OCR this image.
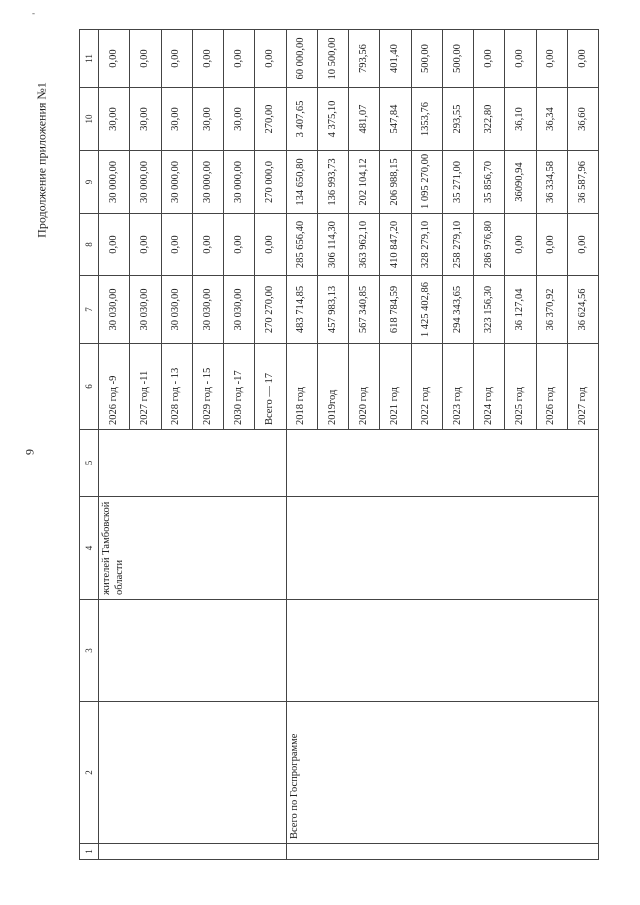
-
Продолжение приложения №1
9
1	2	3	4	5	6	7	8	9	10	11
			жителей Тамбовской области		2026 год -9	30 030,00	0,00	30 000,00	30,00	0,00
					2027 год -11	30 030,00	0,00	30 000,00	30,00	0,00
					2028 год - 13	30 030,00	0,00	30 000,00	30,00	0,00
					2029 год - 15	30 030,00	0,00	30 000,00	30,00	0,00
					2030 год -17	30 030,00	0,00	30 000,00	30,00	0,00
					Всего — 17	270 270,00	0,00	270 000,0	270,00	0,00
	Всего по Госпрограмме				2018 год	483 714,85	285 656,40	134 650,80	3 407,65	60 000,00
					2019год	457 983,13	306 114,30	136 993,73	4 375,10	10 500,00
					2020 год	567 340,85	363 962,10	202 104,12	481,07	793,56
					2021 год	618 784,59	410 847,20	206 988,15	547,84	401,40
					2022 год	1 425 402,86	328 279,10	1 095 270,00	1353,76	500,00
					2023 год	294 343,65	258 279,10	35 271,00	293,55	500,00
					2024 год	323 156,30	286 976,80	35 856,70	322,80	0,00
					2025 год	36 127,04	0,00	36090,94	36,10	0,00
					2026 год	36 370,92	0,00	36 334,58	36,34	0,00
					2027 год	36 624,56	0,00	36 587,96	36,60	0,00
